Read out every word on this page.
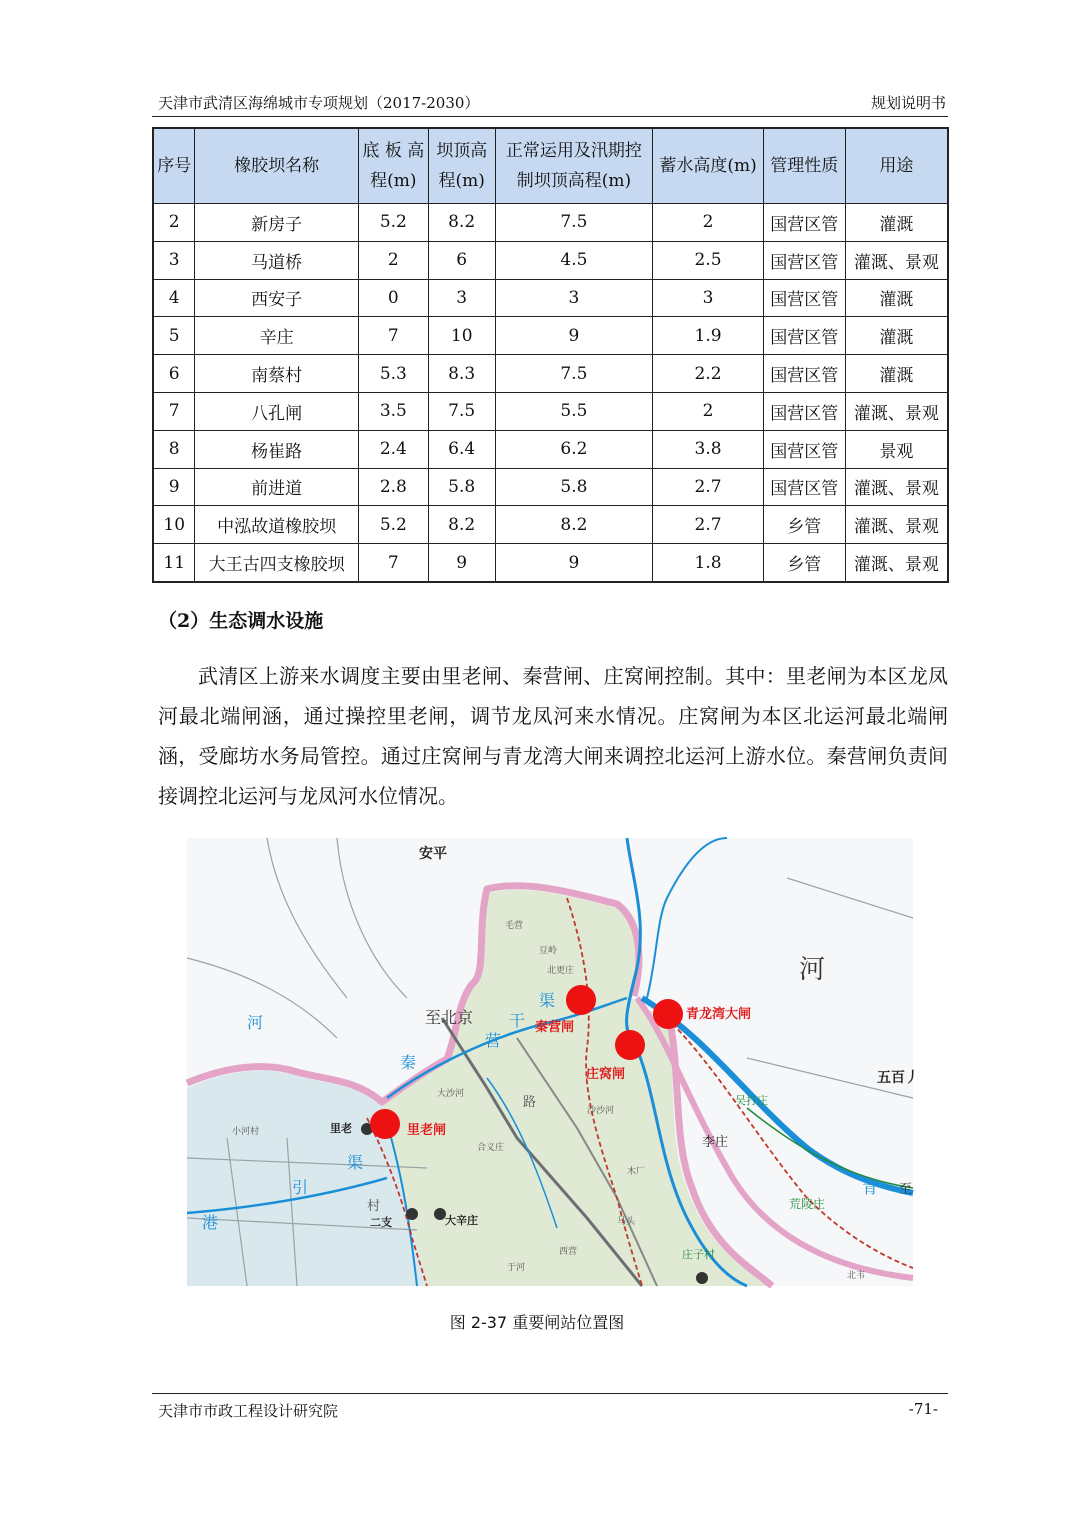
天津市武清区海绵城市专项规划（2017-2030）	规划说明书
序号	橡胶坝名称	底 板 高程(m)	坝顶高程(m)	正常运用及汛期控制坝顶高程(m)	蓄水高度(m)	管理性质	用途
2	新房子	5.2	8.2	7.5	2	国营区管	灌溉
3	马道桥	2	6	4.5	2.5	国营区管	灌溉、景观
4	西安子	0	3	3	3	国营区管	灌溉
5	辛庄	7	10	9	1.9	国营区管	灌溉
6	南蔡村	5.3	8.3	7.5	2.2	国营区管	灌溉
7	八孔闸	3.5	7.5	5.5	2	国营区管	灌溉、景观
8	杨崔路	2.4	6.4	6.2	3.8	国营区管	景观
9	前进道	2.8	5.8	5.8	2.7	国营区管	灌溉、景观
10	中泓故道橡胶坝	5.2	8.2	8.2	2.7	乡管	灌溉、景观
11	大王古四支橡胶坝	7	9	9	1.8	乡管	灌溉、景观
（2）生态调水设施
武清区上游来水调度主要由里老闸、秦营闸、庄窝闸控制。其中：里老闸为本区龙凤河最北端闸涵，通过操控里老闸，调节龙凤河来水情况。庄窝闸为本区北运河最北端闸涵，受廊坊水务局管控。通过庄窝闸与青龙湾大闸来调控北运河上游水位。秦营闸负责间接调控北运河与龙凤河水位情况。
安平
河
五百丿
河	至北京
营
干
渠
秦
大沙河
港
引
渠
李庄
吴打庄
荒陵庄
青 至
路
村
二支	大辛庄
里老
小河村
毛营
北更庄
豆岭
沙沙河
合义庄
木厂
马头
西营
于河
庄子村
北韦
秦营闸
青龙湾大闸
庄窝闸
里老闸
图 2-37 重要闸站位置图
天津市市政工程设计研究院	-71-
